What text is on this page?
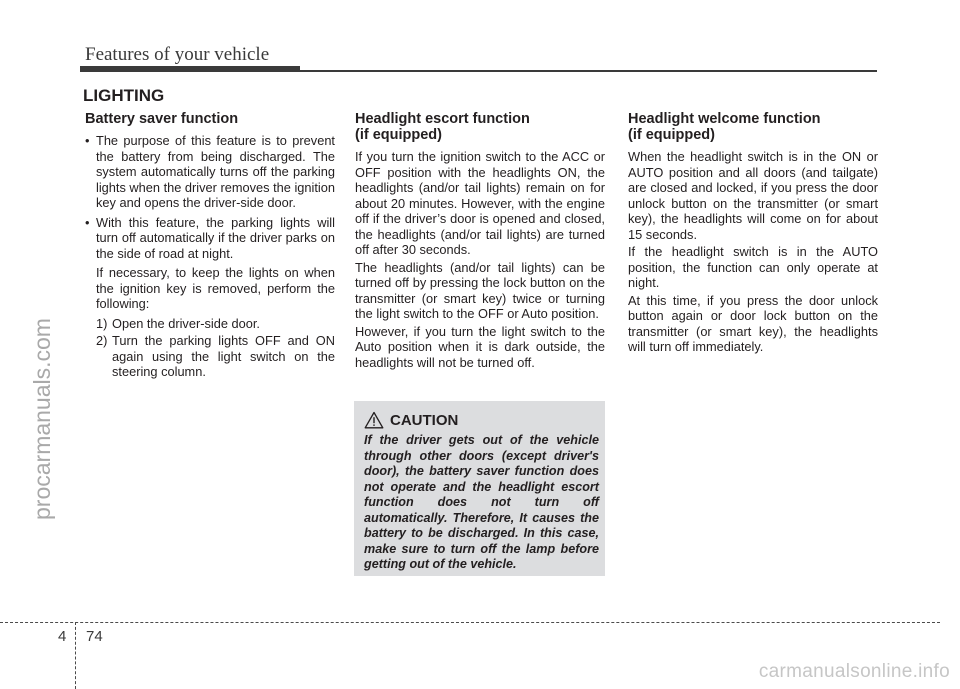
Features of your vehicle
LIGHTING
Battery saver function
• The purpose of this feature is to prevent the battery from being discharged. The system automatically turns off the parking lights when the driver removes the ignition key and opens the driver-side door.
• With this feature, the parking lights will turn off automatically if the driver parks on the side of road at night.

If necessary, to keep the lights on when the ignition key is removed, perform the following:

1) Open the driver-side door.
2) Turn the parking lights OFF and ON again using the light switch on the steering column.
Headlight escort function
(if equipped)

If you turn the ignition switch to the ACC or OFF position with the headlights ON, the headlights (and/or tail lights) remain on for about 20 minutes. However, with the engine off if the driver’s door is opened and closed, the headlights (and/or tail lights) are turned off after 30 seconds.

The headlights (and/or tail lights) can be turned off by pressing the lock button on the transmitter (or smart key) twice or turning the light switch to the OFF or Auto position.

However, if you turn the light switch to the Auto position when it is dark outside, the headlights will not be turned off.

CAUTION
If the driver gets out of the vehicle through other doors (except driver's door), the battery saver function does not operate and the headlight escort function does not turn off automatically. Therefore, It causes the battery to be discharged. In this case, make sure to turn off the lamp before getting out of the vehicle.
Headlight welcome function
(if equipped)

When the headlight switch is in the ON or AUTO position and all doors (and tailgate) are closed and locked, if you press the door unlock button on the transmitter (or smart key), the headlights will come on for about 15 seconds.

If the headlight switch is in the AUTO position, the function can only operate at night.

At this time, if you press the door unlock button again or door lock button on the transmitter (or smart key), the headlights will turn off immediately.

procarmanuals.com
4 74
carmanualsonline.info
